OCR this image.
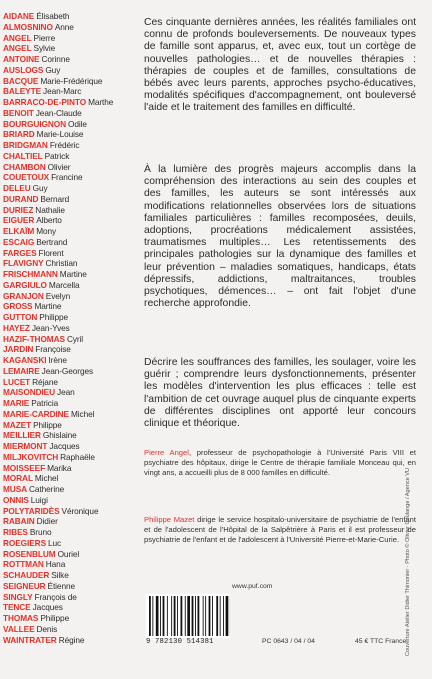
AIDANE Élisabeth
ALMOSNINO Anne
ANGEL Pierre
ANGEL Sylvie
ANTOINE Corinne
AUSLOGS Guy
BACQUE Marie-Frédérique
BALEYTE Jean-Marc
BARRACO-DE-PINTO Marthe
BENOIT Jean-Claude
BOURGUIGNON Odile
BRIARD Marie-Louise
BRIDGMAN Frédéric
CHALTIEL Patrick
CHAMBON Olivier
COUETOUX Francine
DELEU Guy
DURAND Bernard
DURIEZ Nathalie
EIGUER Alberto
ELKAÏM Mony
ESCAIG Bertrand
FARGES Florent
FLAVIGNY Christian
FRISCHMANN Martine
GARGIULO Marcella
GRANJON Evelyn
GROSS Martine
GUTTON Philippe
HAYEZ Jean-Yves
HAZIF-THOMAS Cyril
JARDIN Françoise
KAGANSKI Irène
LEMAIRE Jean-Georges
LUCET Réjane
MAISONDIEU Jean
MARIE Patricia
MARIE-CARDINE Michel
MAZET Philippe
MEILLIER Ghislaine
MIERMONT Jacques
MILJKOVITCH Raphaële
MOISSEEF Marika
MORAL Michel
MUSA Catherine
ONNIS Luigi
POLYTARIDÈS Véronique
RABAIN Didier
RIBES Bruno
ROEGIERS Luc
ROSENBLUM Ouriel
ROTTMAN Hana
SCHAUDER Silke
SEIGNEUR Étienne
SINGLY François de
TENCE Jacques
THOMAS Philippe
VALLEE Denis
WAINTRATER Régine

Ces cinquante dernières années, les réalités familiales ont connu de profonds bouleversements. De nouveaux types de famille sont apparus, et, avec eux, tout un cortège de nouvelles pathologies… et de nouvelles thérapies : thérapies de couples et de familles, consultations de bébés avec leurs parents, approches psycho-éducatives, modalités spécifiques d'accompagnement, ont bouleversé l'aide et le traitement des familles en difficulté.

À la lumière des progrès majeurs accomplis dans la compréhension des interactions au sein des couples et des familles, les auteurs se sont intéressés aux modifications relationnelles observées lors de situations familiales particulières : familles recomposées, deuils, adoptions, procréations médicalement assistées, traumatismes multiples… Les retentissements des principales pathologies sur la dynamique des familles et leur prévention – maladies somatiques, handicaps, états dépressifs, addictions, maltraitances, troubles psychotiques, démences… – ont fait l'objet d'une recherche approfondie.

Décrire les souffrances des familles, les soulager, voire les guérir ; comprendre leurs dysfonctionnements, présenter les modèles d'intervention les plus efficaces : telle est l'ambition de cet ouvrage auquel plus de cinquante experts de différentes disciplines ont apporté leur concours clinique et théorique.

Pierre Angel, professeur de psychopathologie à l'Université Paris VIII et psychiatre des hôpitaux, dirige le Centre de thérapie familiale Monceau qui, en vingt ans, a accueilli plus de 8 000 familles en difficulté.

Philippe Mazet dirige le service hospitalo-universitaire de psychiatrie de l'enfant et de l'adolescent de l'Hôpital de la Salpêtrière à Paris et il est professeur de psychiatrie de l'enfant et de l'adolescent à l'Université Pierre-et-Marie-Curie.

www.puf.com
9 782130 514381	PC 0643 / 04 / 04	45 € TTC France
Couverture Atelier Didier Thimonier · Photo © Olivier Coulange / Agence VU
